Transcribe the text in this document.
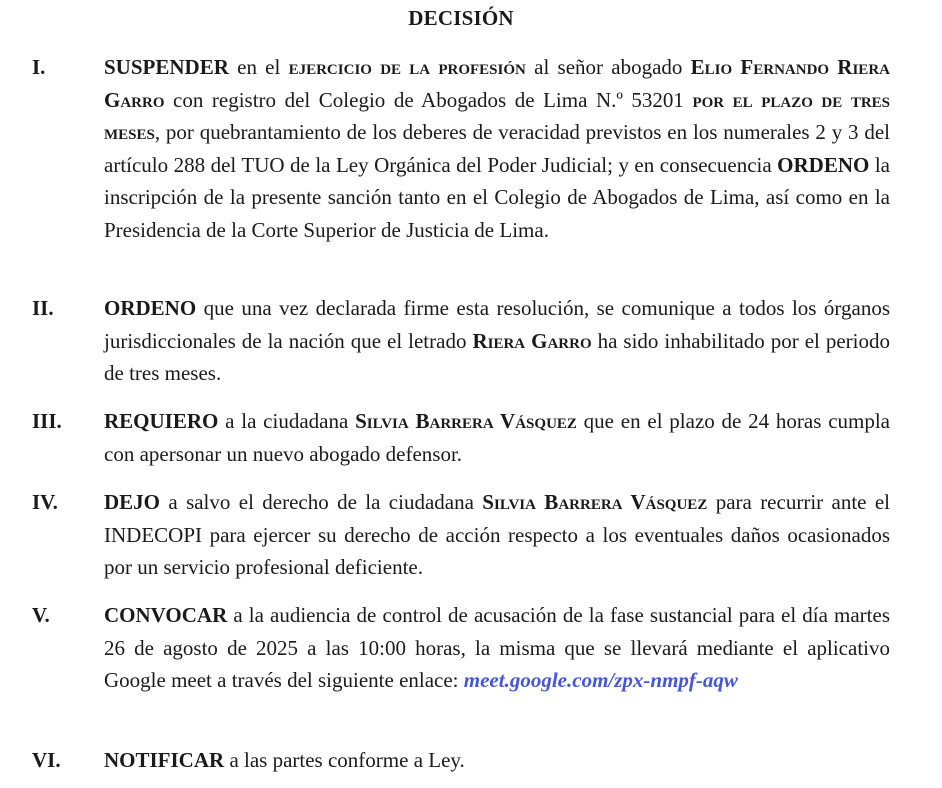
DECISIÓN
I.	SUSPENDER en el ejercicio de la profesión al señor abogado Elio Fernando Riera Garro con registro del Colegio de Abogados de Lima N.º 53201 por el plazo de tres meses, por quebrantamiento de los deberes de veracidad previstos en los numerales 2 y 3 del artículo 288 del TUO de la Ley Orgánica del Poder Judicial; y en consecuencia ORDENO la inscripción de la presente sanción tanto en el Colegio de Abogados de Lima, así como en la Presidencia de la Corte Superior de Justicia de Lima.
II. ORDENO que una vez declarada firme esta resolución, se comunique a todos los órganos jurisdiccionales de la nación que el letrado Riera Garro ha sido inhabilitado por el periodo de tres meses.
III. REQUIERO a la ciudadana Silvia Barrera Vásquez que en el plazo de 24 horas cumpla con apersonar un nuevo abogado defensor.
IV. DEJO a salvo el derecho de la ciudadana Silvia Barrera Vásquez para recurrir ante el INDECOPI para ejercer su derecho de acción respecto a los eventuales daños ocasionados por un servicio profesional deficiente.
V.	CONVOCAR a la audiencia de control de acusación de la fase sustancial para el día martes 26 de agosto de 2025 a las 10:00 horas, la misma que se llevará mediante el aplicativo Google meet a través del siguiente enlace: meet.google.com/zpx-nmpf-aqw
VI. NOTIFICAR a las partes conforme a Ley.
